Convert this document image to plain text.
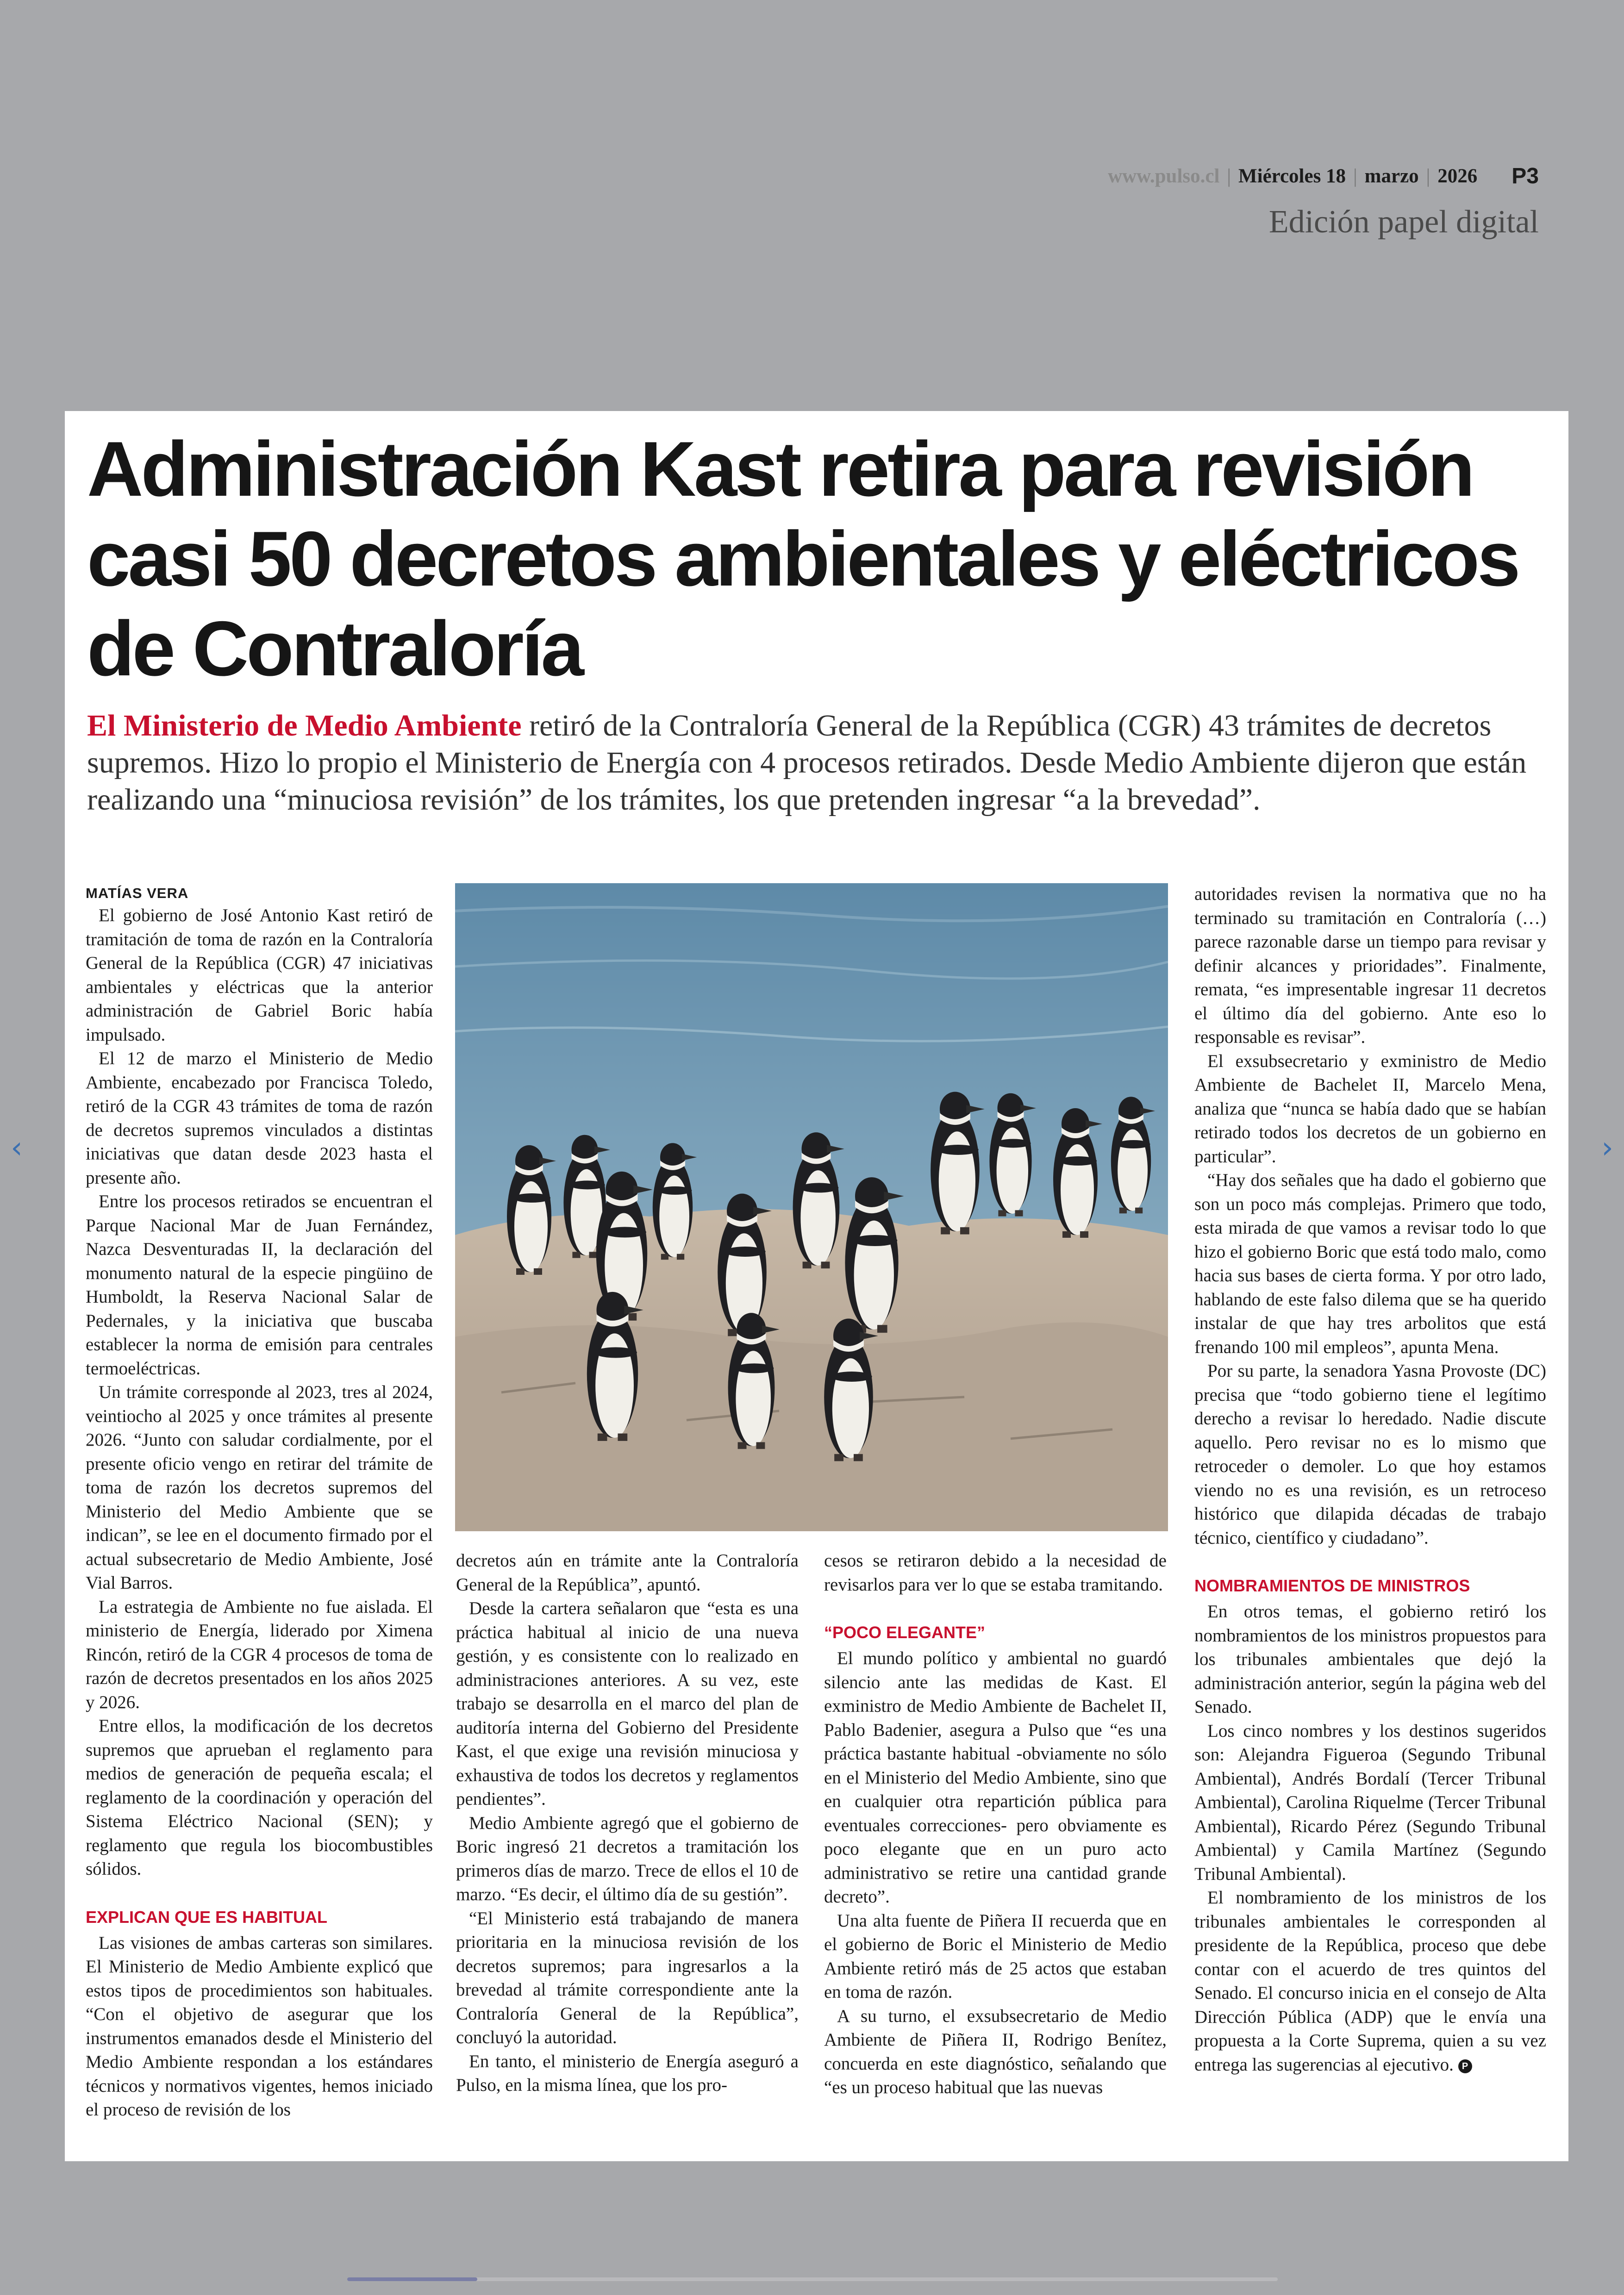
www.pulso.cl | Miércoles 18 | marzo | 2026 P3
Edición papel digital
Administración Kast retira para revisión casi 50 decretos ambientales y eléctricos de Contraloría

El Ministerio de Medio Ambiente retiró de la Contraloría General de la República (CGR) 43 trámites de decretos supremos. Hizo lo propio el Ministerio de Energía con 4 procesos retirados. Desde Medio Ambiente dijeron que están realizando una “minuciosa revisión” de los trámites, los que pretenden ingresar “a la brevedad”.

MATÍAS VERA

El gobierno de José Antonio Kast retiró de tramitación de toma de razón en la Contraloría General de la República (CGR) 47 iniciativas ambientales y eléctricas que la anterior administración de Gabriel Boric había impulsado.

El 12 de marzo el Ministerio de Medio Ambiente, encabezado por Francisca Toledo, retiró de la CGR 43 trámites de toma de razón de decretos supremos vinculados a distintas iniciativas que datan desde 2023 hasta el presente año.

Entre los procesos retirados se encuentran el Parque Nacional Mar de Juan Fernández, Nazca Desventuradas II, la declaración del monumento natural de la especie pingüino de Humboldt, la Reserva Nacional Salar de Pedernales, y la iniciativa que buscaba establecer la norma de emisión para centrales termoeléctricas.

Un trámite corresponde al 2023, tres al 2024, veintiocho al 2025 y once trámites al presente 2026. “Junto con saludar cordialmente, por el presente oficio vengo en retirar del trámite de toma de razón los decretos supremos del Ministerio del Medio Ambiente que se indican”, se lee en el documento firmado por el actual subsecretario de Medio Ambiente, José Vial Barros.

La estrategia de Ambiente no fue aislada. El ministerio de Energía, liderado por Ximena Rincón, retiró de la CGR 4 procesos de toma de razón de decretos presentados en los años 2025 y 2026.

Entre ellos, la modificación de los decretos supremos que aprueban el reglamento para medios de generación de pequeña escala; el reglamento de la coordinación y operación del Sistema Eléctrico Nacional (SEN); y reglamento que regula los biocombustibles sólidos.

EXPLICAN QUE ES HABITUAL

Las visiones de ambas carteras son similares. El Ministerio de Medio Ambiente explicó que estos tipos de procedimientos son habituales. “Con el objetivo de asegurar que los instrumentos emanados desde el Ministerio del Medio Ambiente respondan a los estándares técnicos y normativos vigentes, hemos iniciado el proceso de revisión de los

decretos aún en trámite ante la Contraloría General de la República”, apuntó.

Desde la cartera señalaron que “esta es una práctica habitual al inicio de una nueva gestión, y es consistente con lo realizado en administraciones anteriores. A su vez, este trabajo se desarrolla en el marco del plan de auditoría interna del Gobierno del Presidente Kast, el que exige una revisión minuciosa y exhaustiva de todos los decretos y reglamentos pendientes”.

Medio Ambiente agregó que el gobierno de Boric ingresó 21 decretos a tramitación los primeros días de marzo. Trece de ellos el 10 de marzo. “Es decir, el último día de su gestión”.

“El Ministerio está trabajando de manera prioritaria en la minuciosa revisión de los decretos supremos; para ingresarlos a la brevedad al trámite correspondiente ante la Contraloría General de la República”, concluyó la autoridad.

En tanto, el ministerio de Energía aseguró a Pulso, en la misma línea, que los pro-

cesos se retiraron debido a la necesidad de revisarlos para ver lo que se estaba tramitando.

“POCO ELEGANTE”

El mundo político y ambiental no guardó silencio ante las medidas de Kast. El exministro de Medio Ambiente de Bachelet II, Pablo Badenier, asegura a Pulso que “es una práctica bastante habitual -obviamente no sólo en el Ministerio del Medio Ambiente, sino que en cualquier otra repartición pública para eventuales correcciones- pero obviamente es poco elegante que en un puro acto administrativo se retire una cantidad grande decreto”.

Una alta fuente de Piñera II recuerda que en el gobierno de Boric el Ministerio de Medio Ambiente retiró más de 25 actos que estaban en toma de razón.

A su turno, el exsubsecretario de Medio Ambiente de Piñera II, Rodrigo Benítez, concuerda en este diagnóstico, señalando que “es un proceso habitual que las nuevas

autoridades revisen la normativa que no ha terminado su tramitación en Contraloría (…) parece razonable darse un tiempo para revisar y definir alcances y prioridades”. Finalmente, remata, “es impresentable ingresar 11 decretos el último día del gobierno. Ante eso lo responsable es revisar”.

El exsubsecretario y exministro de Medio Ambiente de Bachelet II, Marcelo Mena, analiza que “nunca se había dado que se habían retirado todos los decretos de un gobierno en particular”.

“Hay dos señales que ha dado el gobierno que son un poco más complejas. Primero que todo, esta mirada de que vamos a revisar todo lo que hizo el gobierno Boric que está todo malo, como hacia sus bases de cierta forma. Y por otro lado, hablando de este falso dilema que se ha querido instalar de que hay tres arbolitos que está frenando 100 mil empleos”, apunta Mena.

Por su parte, la senadora Yasna Provoste (DC) precisa que “todo gobierno tiene el legítimo derecho a revisar lo heredado. Nadie discute aquello. Pero revisar no es lo mismo que retroceder o demoler. Lo que hoy estamos viendo no es una revisión, es un retroceso histórico que dilapida décadas de trabajo técnico, científico y ciudadano”.

NOMBRAMIENTOS DE MINISTROS

En otros temas, el gobierno retiró los nombramientos de los ministros propuestos para los tribunales ambientales que dejó la administración anterior, según la página web del Senado.

Los cinco nombres y los destinos sugeridos son: Alejandra Figueroa (Segundo Tribunal Ambiental), Andrés Bordalí (Tercer Tribunal Ambiental), Carolina Riquelme (Tercer Tribunal Ambiental), Ricardo Pérez (Segundo Tribunal Ambiental) y Camila Martínez (Segundo Tribunal Ambiental).

El nombramiento de los ministros de los tribunales ambientales le corresponden al presidente de la República, proceso que debe contar con el acuerdo de tres quintos del Senado. El concurso inicia en el consejo de Alta Dirección Pública (ADP) que le envía una propuesta a la Corte Suprema, quien a su vez entrega las sugerencias al ejecutivo. P

‹	›
